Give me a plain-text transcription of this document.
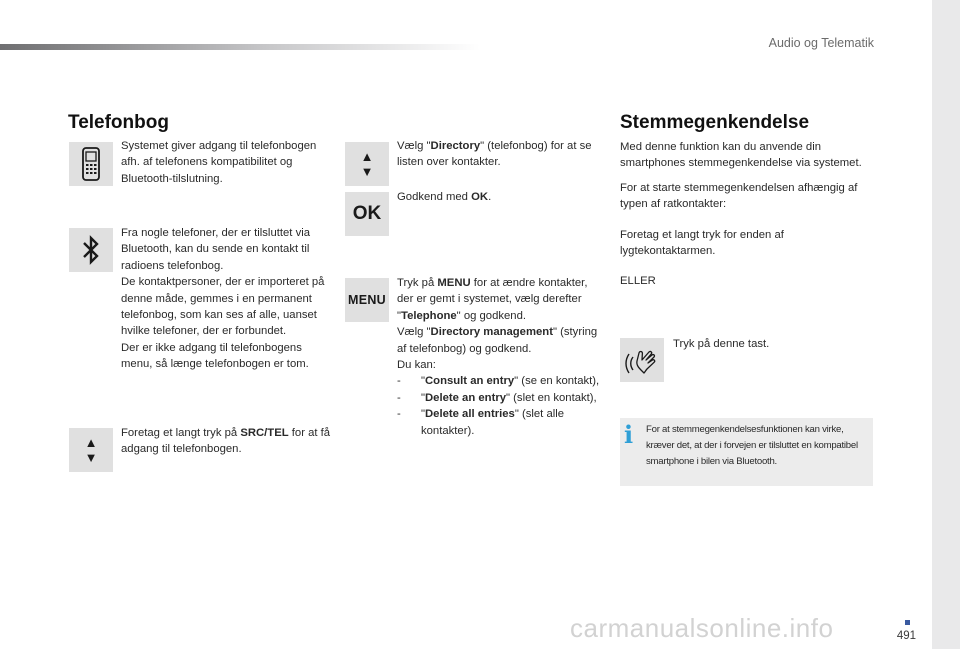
Audio og Telematik
491
carmanualsonline.info
Telefonbog

Systemet giver adgang til telefonbogen afh. af telefonens kompatibilitet og Bluetooth-tilslutning.

Fra nogle telefoner, der er tilsluttet via Bluetooth, kan du sende en kontakt til radioens telefonbog.

De kontaktpersoner, der er importeret på denne måde, gemmes i en permanent telefonbog, som kan ses af alle, uanset hvilke telefoner, der er forbundet.

Der er ikke adgang til telefonbogens menu, så længe telefonbogen er tom.

▲
▼

Foretag et langt tryk på SRC/TEL for at få adgang til telefonbogen.

▲
▼

Vælg "Directory" (telefonbog) for at se listen over kontakter.

OK

Godkend med OK.

MENU

Tryk på MENU for at ændre kontakter, der er gemt i systemet, vælg derefter "Telephone" og godkend.

Vælg "Directory management" (styring af telefonbog) og godkend.

Du kan:

-	"Consult an entry" (se en kontakt),
-	"Delete an entry" (slet en kontakt),
-	"Delete all entries" (slet alle kontakter).
Stemmegenkendelse

Med denne funktion kan du anvende din smartphones stemmegenkendelse via systemet.

For at starte stemmegenkendelsen afhængig af typen af ratkontakter:

Foretag et langt tryk for enden af lygtekontaktarmen.

ELLER

Tryk på denne tast.

i	For at stemmegenkendelsesfunktionen kan virke, kræver det, at der i forvejen er tilsluttet en kompatibel smartphone i bilen via Bluetooth.
